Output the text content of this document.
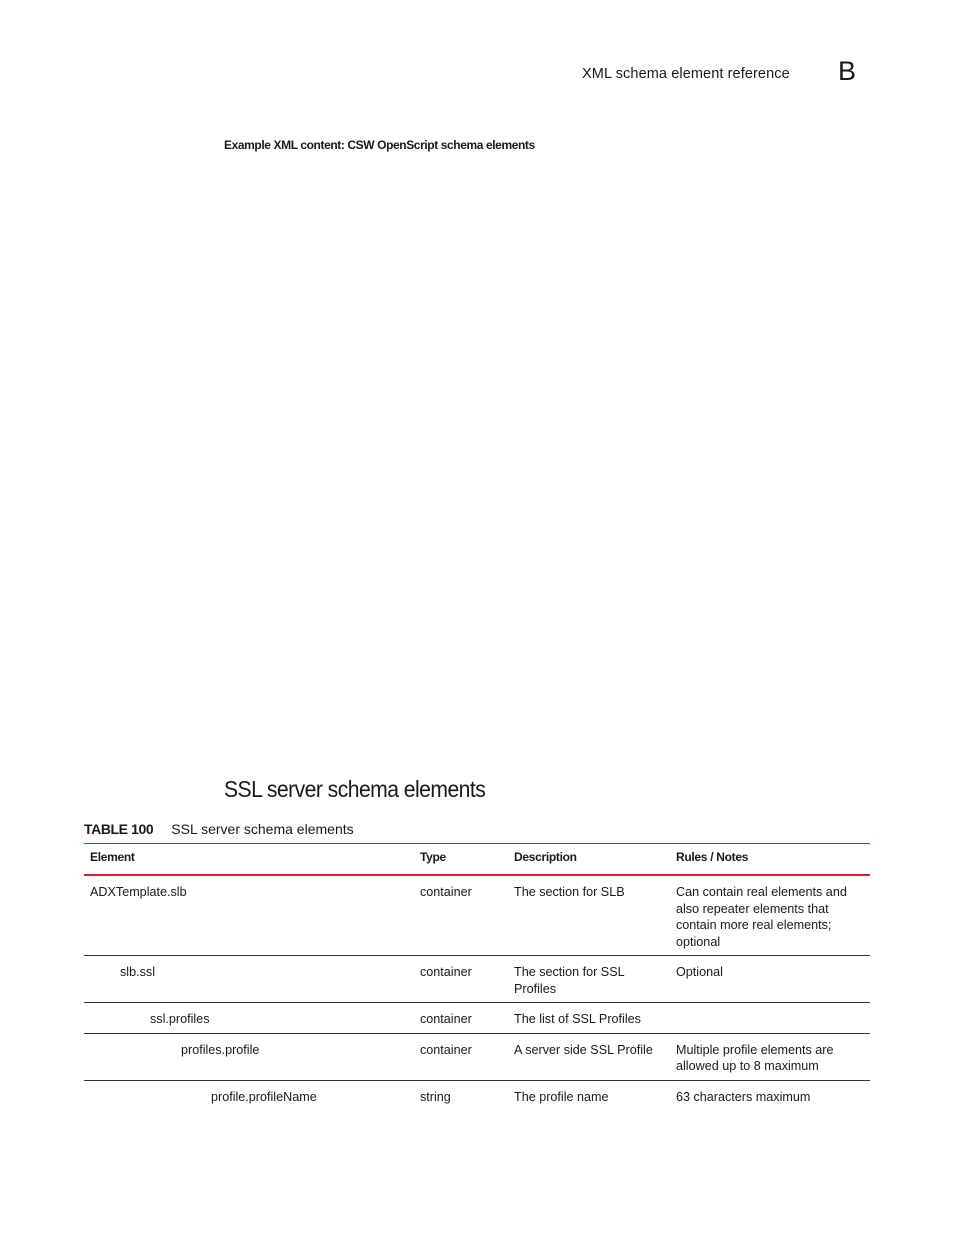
XML schema element reference B
Example XML content: CSW OpenScript schema elements
SSL server schema elements
TABLE 100 SSL server schema elements
Element	Type	Description	Rules / Notes
ADXTemplate.slb	container	The section for SLB	Can contain real elements and also repeater elements that contain more real elements; optional
slb.ssl	container	The section for SSL Profiles	Optional
ssl.profiles	container	The list of SSL Profiles	
profiles.profile	container	A server side SSL Profile	Multiple profile elements are allowed up to 8 maximum
profile.profileName	string	The profile name	63 characters maximum
